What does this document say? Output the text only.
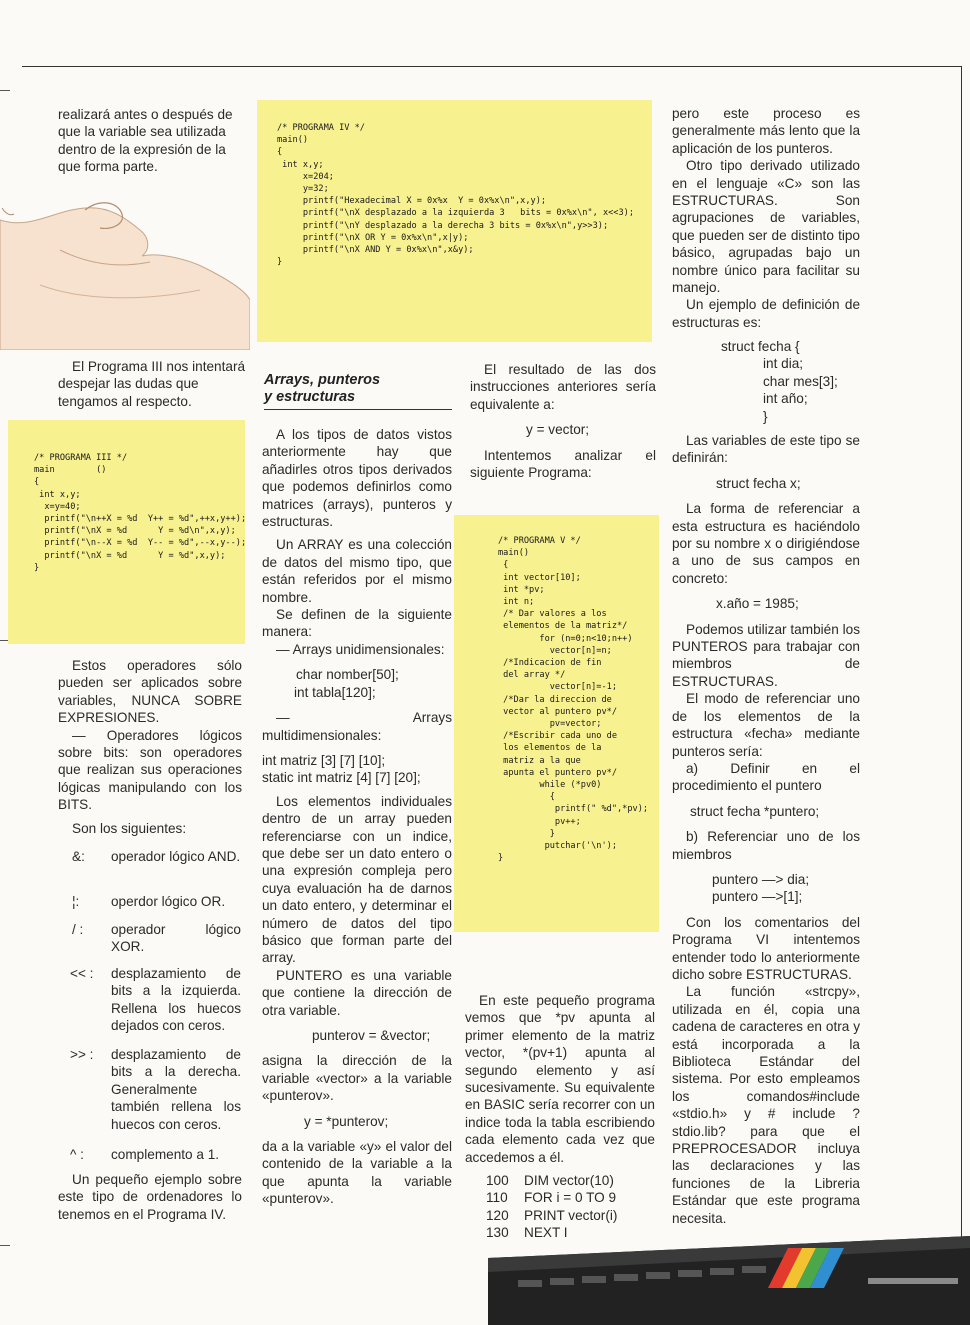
realizará antes o después de que la variable sea utilizada dentro de la expresión de la que forma parte.

El Programa III nos intentará despejar las dudas que tengamos al respecto.

/* PROGRAMA III */
main        ()
{
int x,y;
x=y=40;
printf("\n++X = %d  Y++ = %d",++x,y++);
printf("\nX = %d      Y = %d\n",x,y);
printf("\n--X = %d  Y-- = %d",--x,y--);
printf("\nX = %d      Y = %d",x,y);
}

Estos operadores sólo pueden ser aplicados sobre variables, NUNCA SOBRE EXPRESIONES.

— Operadores lógicos sobre bits: son operadores que realizan sus operaciones lógicas manipulando con los BITS.

Son los siguientes:

&: operador lógico AND.
¦: operdor lógico OR.
/ : operador lógico XOR.
<< : desplazamiento de bits a la izquierda. Rellena los huecos dejados con ceros.
>> : desplazamiento de bits a la derecha. Generalmente también rellena los huecos con ceros.
^ : complemento a 1.

Un pequeño ejemplo sobre este tipo de ordenadores lo tenemos en el Programa IV.

/* PROGRAMA IV */
main()
{
int x,y;
x=204;
y=32;
printf("Hexadecimal X = 0x%x  Y = 0x%x\n",x,y);
printf("\nX desplazado a la izquierda 3   bits = 0x%x\n", x<<3);
printf("\nY desplazado a la derecha 3 bits = 0x%x\n",y>>3);
printf("\nX OR Y = 0x%x\n",x|y);
printf("\nX AND Y = 0x%x\n",x&y);
}
Arrays, punteros
y estructuras

A los tipos de datos vistos anteriormente hay que añadirles otros tipos derivados que podemos definirlos como matrices (arrays), punteros y estructuras.

Un ARRAY es una colección de datos del mismo tipo, que están referidos por el mismo nombre.

Se definen de la siguiente manera:

— Arrays unidimensionales:

char nomber[50];

int tabla[120];

— Arrays multidimensionales:

int matriz [3] [7] [10];

static int matriz [4] [7] [20];

Los elementos individuales dentro de un array pueden referenciarse con un indice, que debe ser un dato entero o una expresión compleja pero cuya evaluación ha de darnos un dato entero, y determinar el número de datos del tipo básico que forman parte del array.

PUNTERO es una variable que contiene la dirección de otra variable.

punterov = &vector;

asigna la dirección de la variable «vector» a la variable «punterov».

y = *punterov;

da a la variable «y» el valor del contenido de la variable a la que apunta la variable «punterov».

El resultado de las dos instrucciones anteriores sería equivalente a:

y = vector;

Intentemos analizar el siguiente Programa:

/* PROGRAMA V */
main()
{
int vector[10];
int *pv;
int n;
/* Dar valores a los
elementos de la matriz*/
for (n=0;n<10;n++)
vector[n]=n;
/*Indicacion de fin
del array */
vector[n]=-1;
/*Dar la direccion de
vector al puntero pv*/
pv=vector;
/*Escribir cada uno de
los elementos de la
matriz a la que
apunta el puntero pv*/
while (*pv0)
{
printf(" %d",*pv);
pv++;
}
putchar('\n');
}

En este pequeño programa vemos que *pv apunta al primer elemento de la matriz vector, *(pv+1) apunta al segundo elemento y así sucesivamente. Su equivalente en BASIC sería recorrer con un indice toda la tabla escribiendo cada elemento cada vez que accedemos a él.

100 DIM vector(10)
110 FOR i = 0 TO 9
120 PRINT vector(i)
130 NEXT I

pero este proceso es generalmente más lento que la aplicación de los punteros.

Otro tipo derivado utilizado en el lenguaje «C» son las ESTRUCTURAS. Son agrupaciones de variables, que pueden ser de distinto tipo básico, agrupadas bajo un nombre único para facilitar su manejo.

Un ejemplo de definición de estructuras es:

struct fecha {
int dia;
char mes[3];
int año;
}

Las variables de este tipo se definirán:

struct fecha x;

La forma de referenciar a esta estructura es haciéndolo por su nombre x o dirigiéndose a uno de sus campos en concreto:

x.año = 1985;

Podemos utilizar también los PUNTEROS para trabajar con miembros de ESTRUCTURAS.

El modo de referenciar uno de los elementos de la estructura «fecha» mediante punteros sería:

a) Definir en el procedimiento el puntero

struct fecha *puntero;

b) Referenciar uno de los miembros

puntero —> dia;

puntero —>[1];

Con los comentarios del Programa VI intentemos entender todo lo anteriormente dicho sobre ESTRUCTURAS.

La función «strcpy», utilizada en él, copia una cadena de caracteres en otra y está incorporada a la Biblioteca Estándar del sistema. Por esto empleamos los comandos#include «stdio.h» y # include ?stdio.lib? para que el PREPROCESADOR incluya las declaraciones y las funciones de la Libreria Estándar que este programa necesita.
